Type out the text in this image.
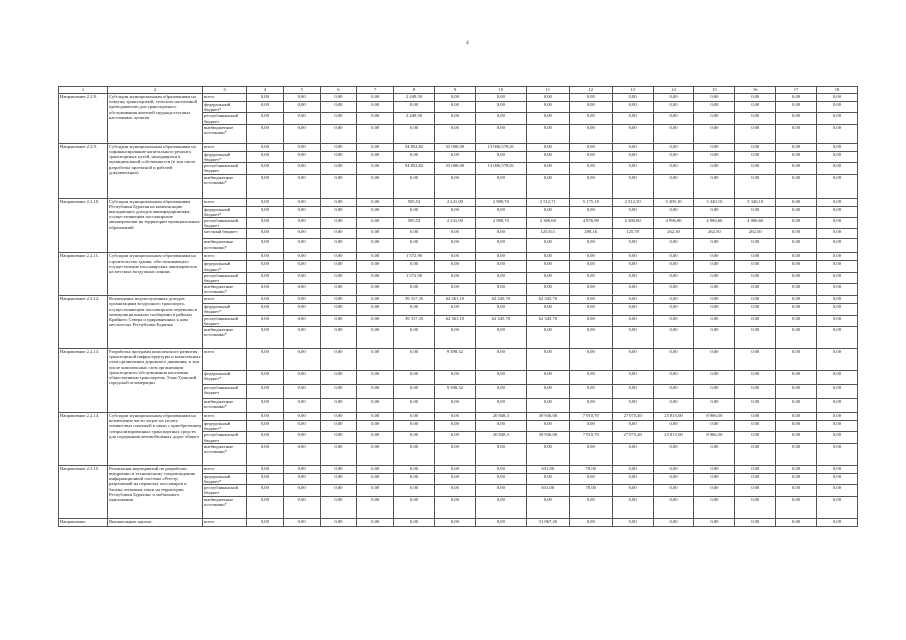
4
1	2	3	4	5	6	7	8	9	10	11	12	13	14	15	16	17	18
Направление 2.2.8.	Субсидии муниципальным образованиям на покупку транспортной, сельских населенной преподавателю для транспортного обслуживания жителей труднодоступных населенных пунктов	всего	0,00	0,00	0,00	0,00	2 449,50	0,00	0,00	0,00	0,00	0,00	0,00	0,00	0,00	0,00	0,00
		федеральный бюджет*	0,00	0,00	0,00	0,00	0,00	0,00	0,00	0,00	0,00	0,00	0,00	0,00	0,00	0,00	0,00
		республиканский бюджет	0,00	0,00	0,00	0,00	2 449,50	0,00	0,00	0,00	0,00	0,00	0,00	0,00	0,00	0,00	0,00
		внебюджетные источники*	0,00	0,00	0,00	0,00	0,00	0,00	0,00	0,00	0,00	0,00	0,00	0,00	0,00	0,00	0,00
Направление 2.2.9.	Субсидии муниципальным образованиям на софинансирование капитального ремонта транспортных путей, находящихся в муниципальной собственности (в том числе разработка проектной и рабочей документации)	всего	0,00	0,00	0,00	0,00	54 852,82	55 000,00	13 006,578,01	0,00	0,00	0,00	0,00	0,00	0,00	0,00	0,00
		федеральный бюджет*	0,00	0,00	0,00	0,00	0,00	0,00	0,00	0,00	0,00	0,00	0,00	0,00	0,00	0,00	0,00
		республиканский бюджет	0,00	0,00	0,00	0,00	54 852,82	55 000,00	13 006,578,01	0,00	0,00	0,00	0,00	0,00	0,00	0,00	0,00
		внебюджетные источники*	0,00	0,00	0,00	0,00	0,00	0,00	0,00	0,00	0,00	0,00	0,00	0,00	0,00	0,00	0,00
Направление 2.2.10.	Субсидии муниципальным образованиям Республики Бурятия на компенсацию выпадающих доходов авиапредприятиям, осуществляющим пассажирские авиаперевозки на территории муниципальных образований	всего	0,00	0,00	0,00	0,00	505,52	2 241,00	2 980,70	2 512,71	5 175,18	2 512,50	5 209,10	5 340,10	5 340,10	0,00	0,00
		федеральный бюджет*	0,00	0,00	0,00	0,00	0,00	0,00	0,00	0,00	0,00	0,00	0,00	0,00	0,00	0,00	0,00
		республиканский бюджет	0,00	0,00	0,00	0,00	505,52	2 241,00	2 980,70	2 386,60	4 876,98	2 386,60	4 996,80	4 906,60	4 906,60	0,00	0,00
		местный бюджет	0,00	0,00	0,00	0,00	0,00	0,00	0,00	125,611	298,16	125,70	262,30	262,50	262,50	0,00	0,00
		внебюджетные источники*	0,00	0,00	0,00	0,00	0,00	0,00	0,00	0,00	0,00	0,00	0,00	0,00	0,00	0,00	0,00
Направление 2.2.11.	Субсидии муниципальным образованиям на строительство здания, обеспечивающего осуществление пассажирских авиаперевозок на местных воздушных линиях	всего	0,00	0,00	0,00	0,00	1 572,90	0,00	0,00	0,00	0,00	0,00	0,00	0,00	0,00	0,00	0,00
		федеральный бюджет*	0,00	0,00	0,00	0,00	0,00	0,00	0,00	0,00	0,00	0,00	0,00	0,00	0,00	0,00	0,00
		республиканский бюджет	0,00	0,00	0,00	0,00	1 572,90	0,00	0,00	0,00	0,00	0,00	0,00	0,00	0,00	0,00	0,00
		внебюджетные источники*	0,00	0,00	0,00	0,00	0,00	0,00	0,00	0,00	0,00	0,00	0,00	0,00	0,00	0,00	0,00
Направление 2.2.12.	Возмещение недополученных доходов организациям воздушного транспорта, осуществляющим пассажирские перевозки в межмуниципальном сообщении в районах Крайнего Севера и приравненных к ним местностях Республики Бурятия	всего	0,00	0,00	0,00	0,00	39 317,35	62 361,10	62 345,70	62 345,70	0,00	0,00	0,00	0,00	0,00	0,00	0,00
		федеральный бюджет*	0,00	0,00	0,00	0,00	0,00	0,00	0,00	0,00	0,00	0,00	0,00	0,00	0,00	0,00	0,00
		республиканский бюджет	0,00	0,00	0,00	0,00	39 317,35	62 361,10	62 345,70	62 345,70	0,00	0,00	0,00	0,00	0,00	0,00	0,00
		внебюджетные источники*	0,00	0,00	0,00	0,00	0,00	0,00	0,00	0,00	0,00	0,00	0,00	0,00	0,00	0,00	0,00
Направление 2.2.13.	Разработка программ комплексного развития транспортной инфраструктуры и комплексных схем организации дорожного движения, в том числе комплексных схем организации транспортного обслуживания населения общественным транспортом, Улан-Удэнской городской агломерации	всего	0,00	0,00	0,00	0,00	0,00	9 398,32	0,00	0,00	0,00	0,00	0,00	0,00	0,00	0,00	0,00
		федеральный бюджет*	0,00	0,00	0,00	0,00	0,00	0,00	0,00	0,00	0,00	0,00	0,00	0,00	0,00	0,00	0,00
		республиканский бюджет	0,00	0,00	0,00	0,00	0,00	9 398,32	0,00	0,00	0,00	0,00	0,00	0,00	0,00	0,00	0,00
		внебюджетные источники*	0,00	0,00	0,00	0,00	0,00	0,00	0,00	0,00	0,00	0,00	0,00	0,00	0,00	0,00	0,00
Направление 2.2.14.	Субсидии муниципальным образованиям на возмещение части затрат на уплату лизинговых платежей в связи с приобретением специализированных транспортных средств для содержания автомобильных дорог общего	всего	0,00	0,00	0,00	0,00	0,00	0,00	20 848,3	39 936,00	7 910,70	27 075,40	23 815,00	8 966,50	0,00	0,00	0,00
		федеральный бюджет*	0,00	0,00	0,00	0,00	0,00	0,00	0,00	0,00	0,00	0,00	0,00	0,00	0,00	0,00	0,00
		республиканский бюджет	0,00	0,00	0,00	0,00	0,00	0,00	20 848,3	39 936,00	7 910,70	27 075,40	23 815,00	8 966,50	0,00	0,00	0,00
		внебюджетные источники*	0,00	0,00	0,00	0,00	0,00	0,00	0,00	0,00	0,00	0,00	0,00	0,00	0,00	0,00	0,00
Направление 2.2.15.	Реализация мероприятий по разработке, внедрению и техническому сопровождению информационной системы «Реестр разрешений на перевозку пассажиров и багажа легковым такси на территории Республики Бурятия» и мобильного приложения	всего	0,00	0,00	0,00	0,00	0,00	0,00	0,00	631,00	70,00	0,00	0,00	0,00	0,00	0,00	0,00
		федеральный бюджет*	0,00	0,00	0,00	0,00	0,00	0,00	0,00	0,00	0,00	0,00	0,00	0,00	0,00	0,00	0,00
		республиканский бюджет	0,00	0,00	0,00	0,00	0,00	0,00	0,00	631,00	70,00	0,00	0,00	0,00	0,00	0,00	0,00
		внебюджетные источники*	0,00	0,00	0,00	0,00	0,00	0,00	0,00	0,00	0,00	0,00	0,00	0,00	0,00	0,00	0,00
Направление	Внешкольные научно-	всего	0,00	0,00	0,00	0,00	0,00	0,00	0,00	31 867,20	0,00	0,00	0,00	0,00	0,00	0,00	0,00
